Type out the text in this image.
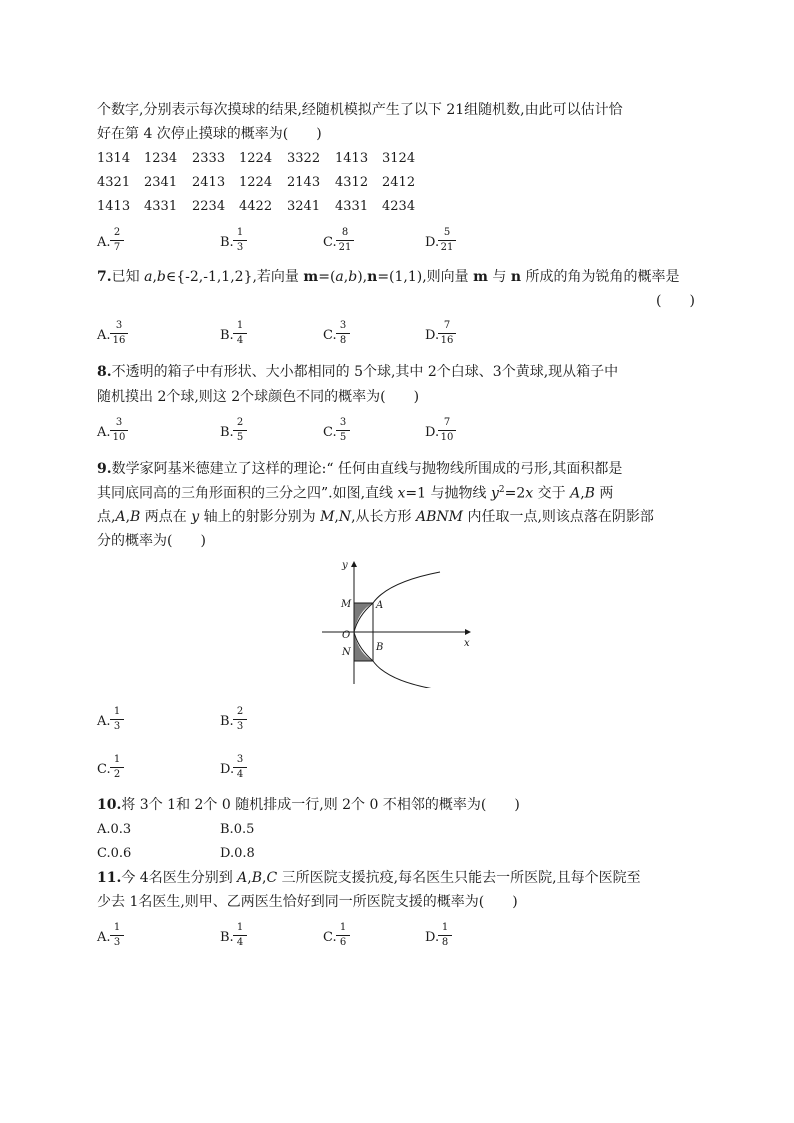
个数字,分别表示每次摸球的结果,经随机模拟产生了以下 21组随机数,由此可以估计恰
好在第 4 次停止摸球的概率为(　　)
1314 1234 2333 1224 3322 1413 3124
4321 2341 2413 1224 2143 4312 2412
1413 4331 2234 4422 3241 4331 4234
A.
2
7	B.
1
3	C.
8
21	D.
5
21
7.已知 a,b∈{-2,-1,1,2},若向量 m=(a,b),n=(1,1),则向量 m 与 n 所成的角为锐角的概率是
(　　)
A.
3
16	B.
1
4	C.
3
8	D.
7
16
8.不透明的箱子中有形状、大小都相同的 5个球,其中 2个白球、3个黄球,现从箱子中
随机摸出 2个球,则这 2个球颜色不同的概率为(　　)
A.
3
10	B.
2
5	C.
3
5	D.
7
10
9.数学家阿基米德建立了这样的理论:“ 任何由直线与抛物线所围成的弓形,其面积都是
其同底同高的三角形面积的三分之四”.如图,直线 x=1 与抛物线 $y^2=2x$ 交于 A,B 两
点,A,B 两点在 y 轴上的射影分别为 M,N,从长方形 ABNM 内任取一点,则该点落在阴影部
分的概率为(　　)
y
x
M A
O
N	B
A.
1
3	B.
2
3
C.
1
2	D.
3
4
10.将 3个 1和 2个 0 随机排成一行,则 2个 0 不相邻的概率为(　　)
A.0.3	B.0.5
C.0.6	D.0.8
11.今 4名医生分别到 A,B,C 三所医院支援抗疫,每名医生只能去一所医院,且每个医院至
少去 1名医生,则甲、乙两医生恰好到同一所医院支援的概率为(　　)
A.
1
3	B.
1
4	C.
1
6	D.
1
8
